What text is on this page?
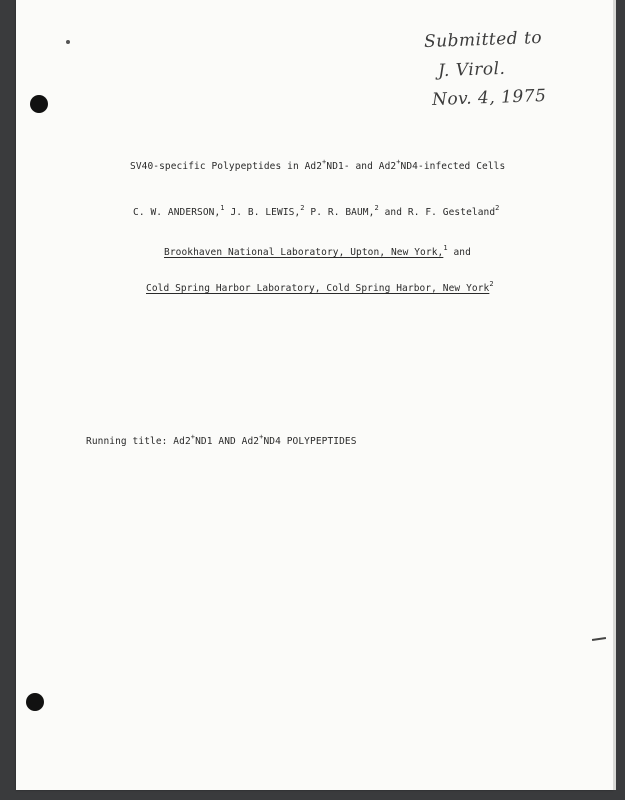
Submitted to
J. Virol.
Nov. 4, 1975
SV40-specific Polypeptides in Ad2+ND1- and Ad2+ND4-infected Cells
C. W. ANDERSON,$^1$ J. B. LEWIS,$^2$ P. R. BAUM,$^2$ and R. F. Gesteland$^2$
Brookhaven National Laboratory, Upton, New York,$^1$ and
Cold Spring Harbor Laboratory, Cold Spring Harbor, New York$^2$
Running title: Ad2+ND1 AND Ad2+ND4 POLYPEPTIDES
